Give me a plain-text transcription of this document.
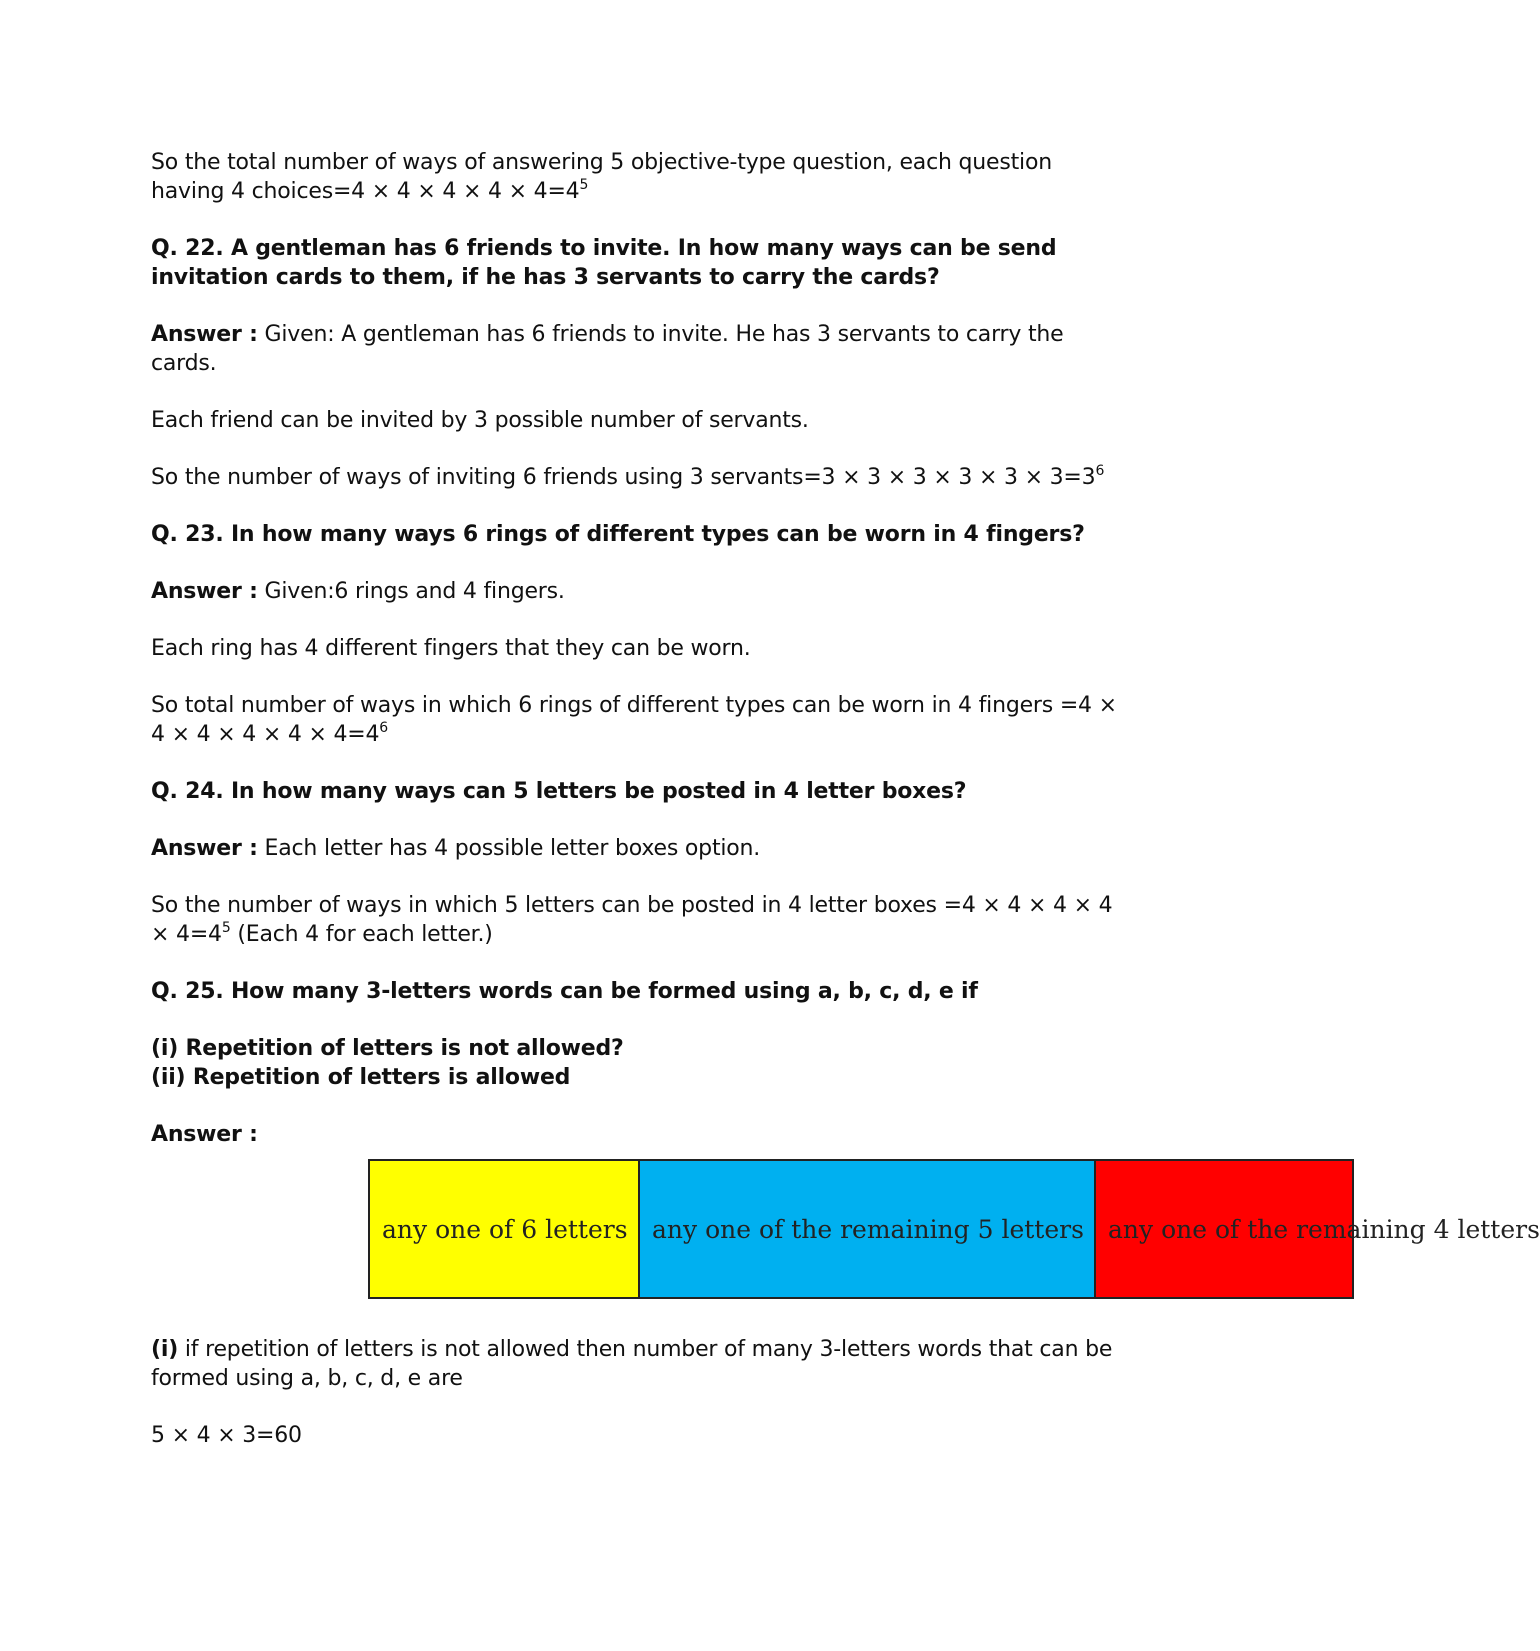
So the total number of ways of answering 5 objective-type question, each question
having 4 choices=4 × $4 \times 4 \times 4 \times 4=4^5$

Q. 22. A gentleman has 6 friends to invite. In how many ways can be send
invitation cards to them, if he has 3 servants to carry the cards?

Answer : Given: A gentleman has 6 friends to invite. He has 3 servants to carry the
cards.

Each friend can be invited by 3 possible number of servants.

So the number of ways of inviting 6 friends using 3 servants=3 × $3 \times 3 \times 3 \times 3 \times 3=3^6$

Q. 23. In how many ways 6 rings of different types can be worn in 4 fingers?

Answer : Given:6 rings and 4 fingers.

Each ring has 4 different fingers that they can be worn.

So total number of ways in which 6 rings of different types can be worn in 4 fingers =4 ×
$4 \times 4 \times 4 \times 4 \times 4=4^6$

Q. 24. In how many ways can 5 letters be posted in 4 letter boxes?

Answer : Each letter has 4 possible letter boxes option.

So the number of ways in which 5 letters can be posted in 4 letter boxes =4 × 4 × 4 × 4
× $4=4^5$ (Each 4 for each letter.)

Q. 25. How many 3-letters words can be formed using a, b, c, d, e if

(i) Repetition of letters is not allowed?
(ii) Repetition of letters is allowed

Answer :

any one of 6 letters any one of the remaining 5 letters any one of the remaining 4 letters

(i) if repetition of letters is not allowed then number of many 3-letters words that can be
formed using a, b, c, d, e are

5 × 4 × 3=60
